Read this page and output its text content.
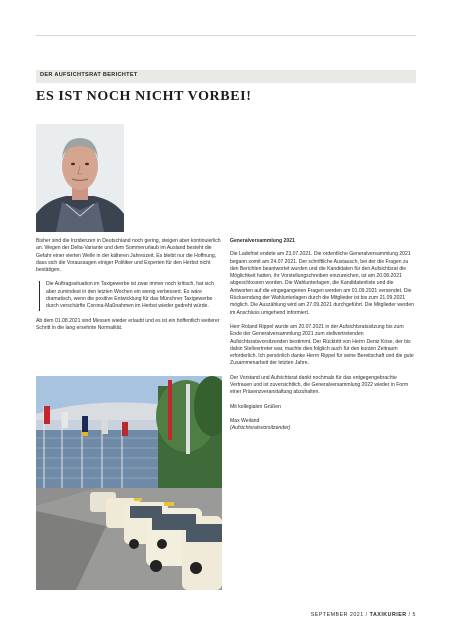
DER AUFSICHTSRAT BERICHTET
ES IST NOCH NICHT VORBEI!

Bisher sind die Inzidenzen in Deutschland noch gering, steigen aber kontinuierlich an. Wegen der Delta-Variante und dem Sommerurlaub im Ausland besteht die Gefahr einer vierten Welle in der kälteren Jahreszeit. Es bleibt nur die Hoffnung, dass sich die Voraussagen einiger Politiker und Experten für den Herbst nicht bestätigen.

Die Auftragssituation im Taxigewerbe ist zwar immer noch kritisch, hat sich aber zumindest in den letzten Wochen ein wenig verbessert. Es wäre dramatisch, wenn die positive Entwicklung für das Münchner Taxigewerbe durch verschärfte Corona-Maßnahmen im Herbst wieder gedreht würde.

Ab dem 01.08.2021 sind Messen wieder erlaubt und es ist ein hoffentlich weiterer Schritt in die lang ersehnte Normalität.

Generalversammlung 2021

Die Ladefrist endete am 23.07.2021. Die ordentliche Generalversammlung 2021 begann somit am 24.07.2021. Der schriftliche Austausch, bei der die Fragen zu den Berichten beantwortet wurden und die Kandidaten für den Aufsichtsrat die Möglichkeit hatten, ihr Vorstellungschreiben einzureichen, ist am 20.08.2021 abgeschlossen worden. Die Wahlunterlagen, die Kandidatenliste und die Antworten auf die eingegangenen Fragen werden am 01.09.2021 versendet. Die Rücksendung der Wahlunterlagen durch die Mitglieder ist bis zum 21.09.2021 möglich. Die Auszählung wird am 27.09.2021 durchgeführt. Die Mitglieder werden im Anschluss umgehend informiert.

Herr Roland Rippel wurde am 20.07.2021 in der Aufsichtsratssitzung bis zum Ende der Generalversammlung 2021 zum stellvertretenden Aufsichtsratsvorsitzenden bestimmt. Der Rücktritt von Herrn Deniz Köse, der bis dahin Stellvertreter war, machte dies folglich auch für den kurzen Zeitraum erforderlich. Ich persönlich danke Herrn Rippel für seine Bereitschaft und die gute Zusammenarbeit der letzten Jahre.

Der Vorstand und Aufsichtsrat dankt nochmals für das entgegengebrachte Vertrauen und ist zuversichtlich, die Generalversammlung 2022 wieder in Form einer Präsenzveranstaltung abzuhalten.

Mit kollegialen Grüßen

Max Weiland

(Aufsichtsratsvorsitzender)

SEPTEMBER 2021 / TAXIKURIER / 5
